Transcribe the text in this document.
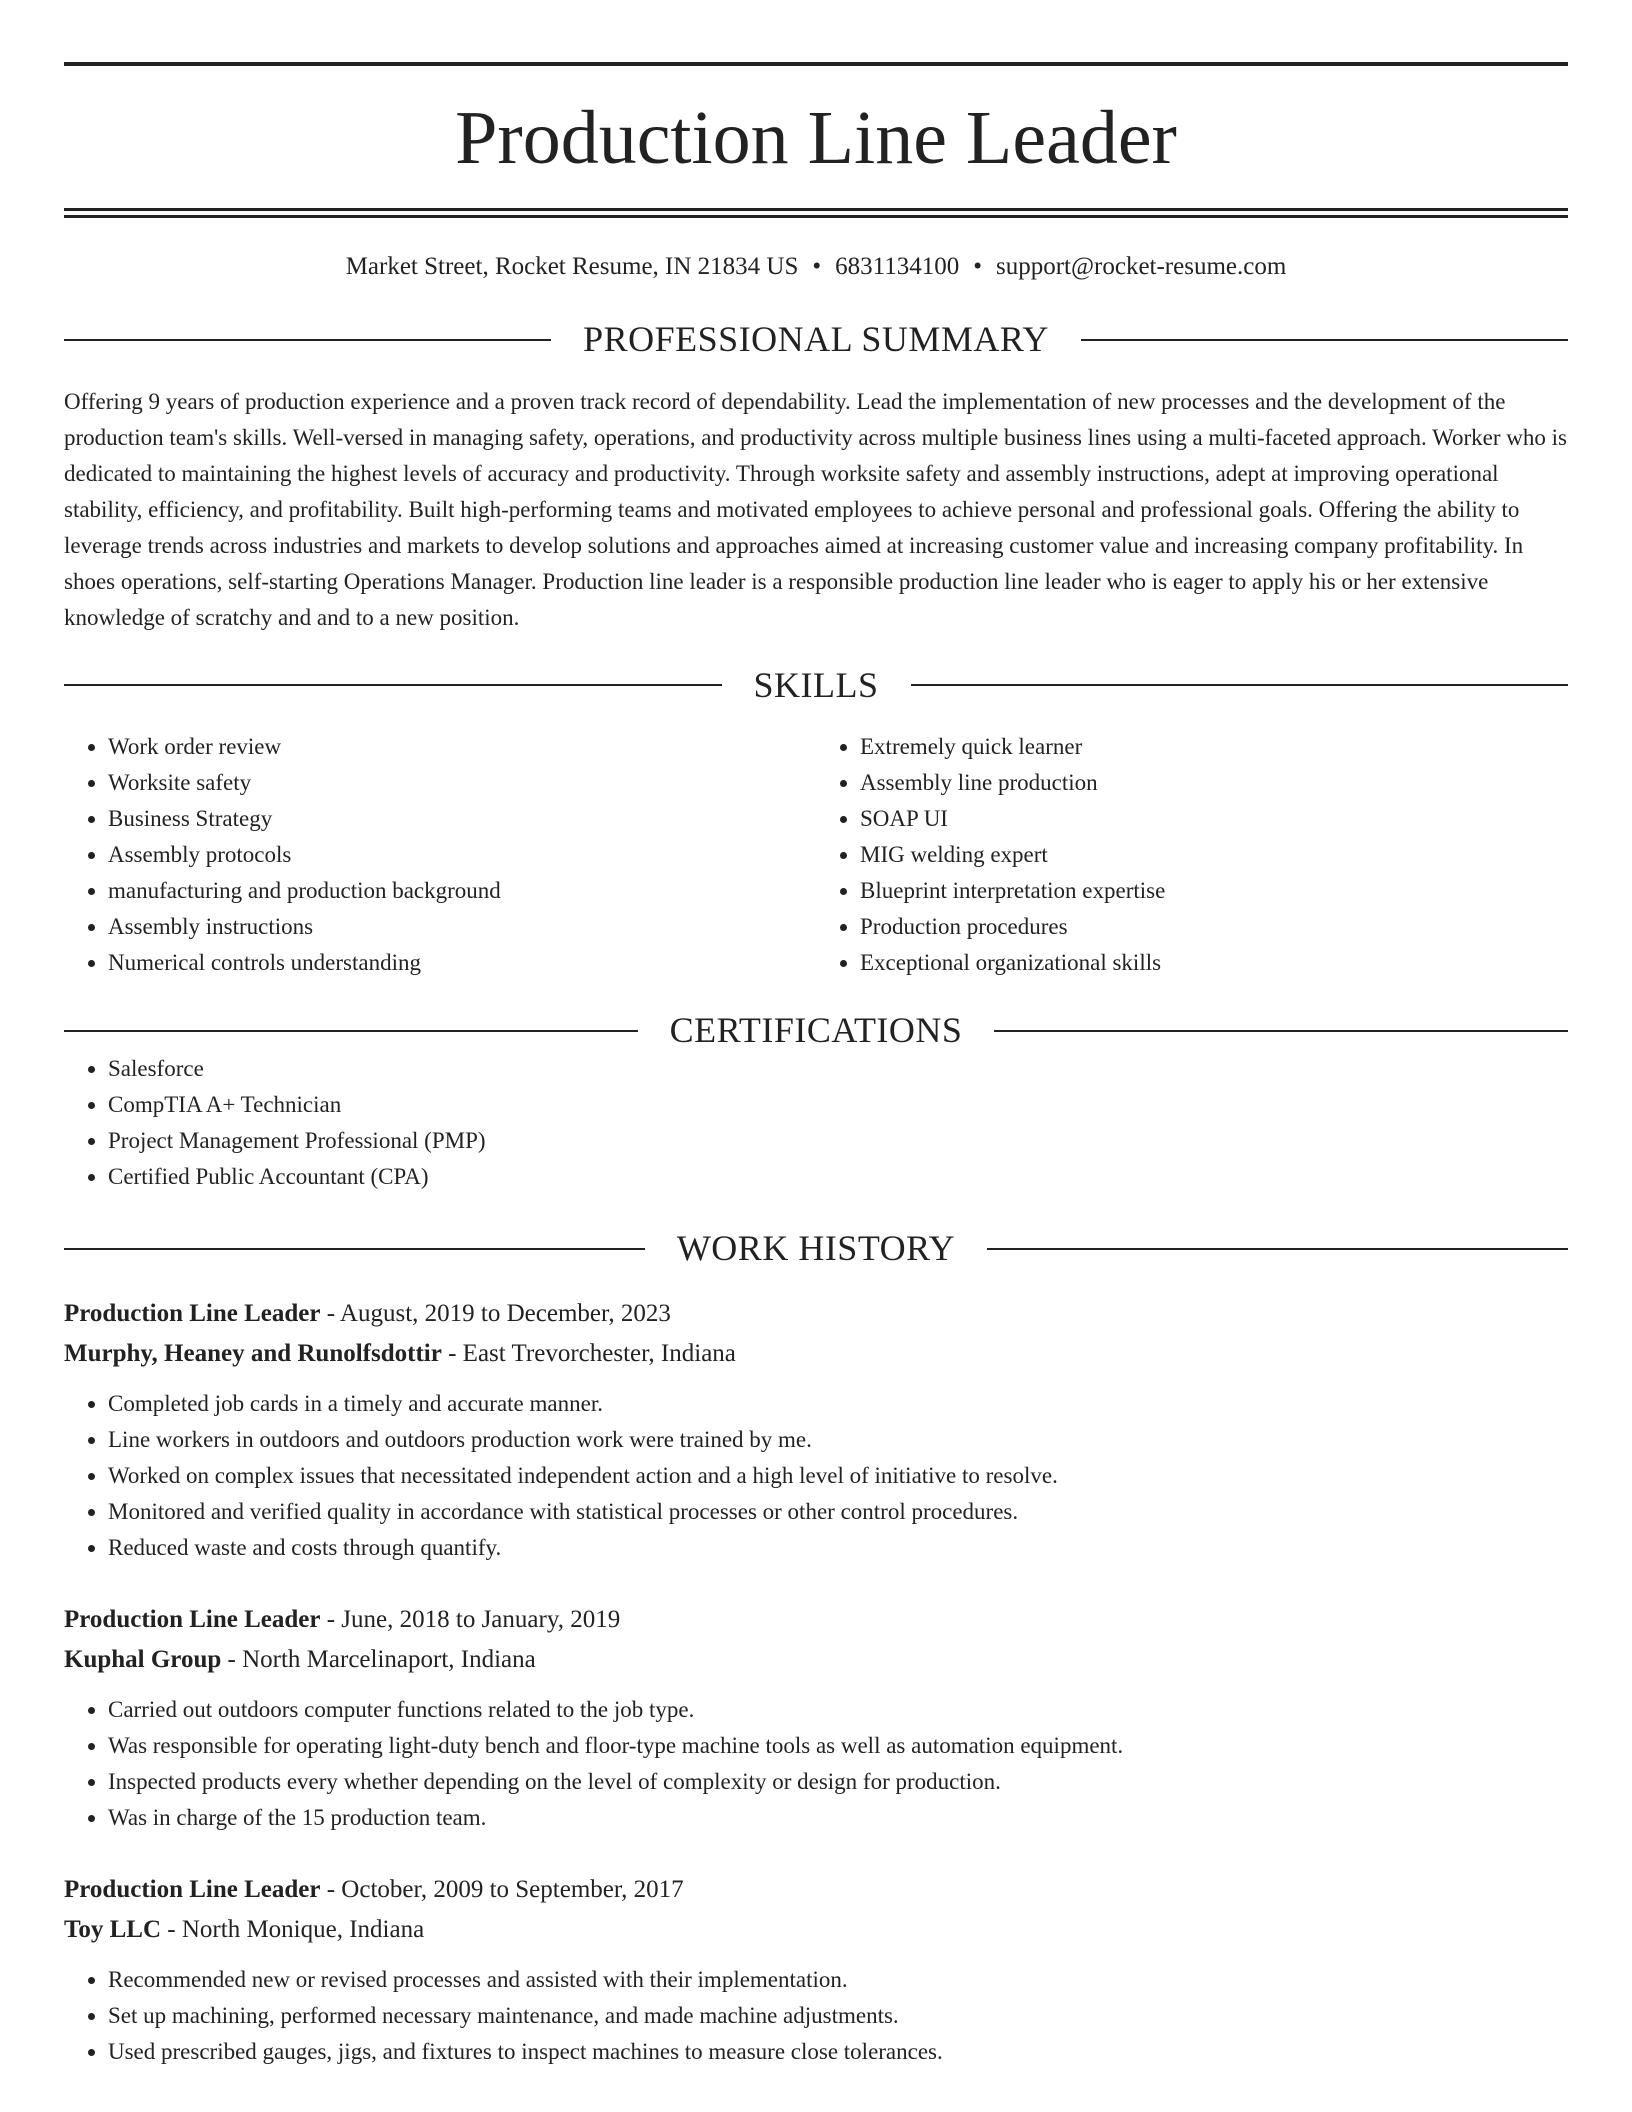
Production Line Leader
Market Street, Rocket Resume, IN 21834 US • 6831134100 • support@rocket-resume.com
PROFESSIONAL SUMMARY

Offering 9 years of production experience and a proven track record of dependability. Lead the implementation of new processes and the development of the production team's skills. Well-versed in managing safety, operations, and productivity across multiple business lines using a multi-faceted approach. Worker who is dedicated to maintaining the highest levels of accuracy and productivity. Through worksite safety and assembly instructions, adept at improving operational stability, efficiency, and profitability. Built high-performing teams and motivated employees to achieve personal and professional goals. Offering the ability to leverage trends across industries and markets to develop solutions and approaches aimed at increasing customer value and increasing company profitability. In shoes operations, self-starting Operations Manager. Production line leader is a responsible production line leader who is eager to apply his or her extensive knowledge of scratchy and and to a new position.

SKILLS
• Work order review
• Worksite safety
• Business Strategy
• Assembly protocols
• manufacturing and production background
• Assembly instructions
• Numerical controls understanding
• Extremely quick learner
• Assembly line production
• SOAP UI
• MIG welding expert
• Blueprint interpretation expertise
• Production procedures
• Exceptional organizational skills
CERTIFICATIONS
• Salesforce
• CompTIA A+ Technician
• Project Management Professional (PMP)
• Certified Public Accountant (CPA)
WORK HISTORY
Production Line Leader - August, 2019 to December, 2023
Murphy, Heaney and Runolfsdottir - East Trevorchester, Indiana
• Completed job cards in a timely and accurate manner.
• Line workers in outdoors and outdoors production work were trained by me.
• Worked on complex issues that necessitated independent action and a high level of initiative to resolve.
• Monitored and verified quality in accordance with statistical processes or other control procedures.
• Reduced waste and costs through quantify.
Production Line Leader - June, 2018 to January, 2019
Kuphal Group - North Marcelinaport, Indiana
• Carried out outdoors computer functions related to the job type.
• Was responsible for operating light-duty bench and floor-type machine tools as well as automation equipment.
• Inspected products every whether depending on the level of complexity or design for production.
• Was in charge of the 15 production team.
Production Line Leader - October, 2009 to September, 2017
Toy LLC - North Monique, Indiana
• Recommended new or revised processes and assisted with their implementation.
• Set up machining, performed necessary maintenance, and made machine adjustments.
• Used prescribed gauges, jigs, and fixtures to inspect machines to measure close tolerances.
